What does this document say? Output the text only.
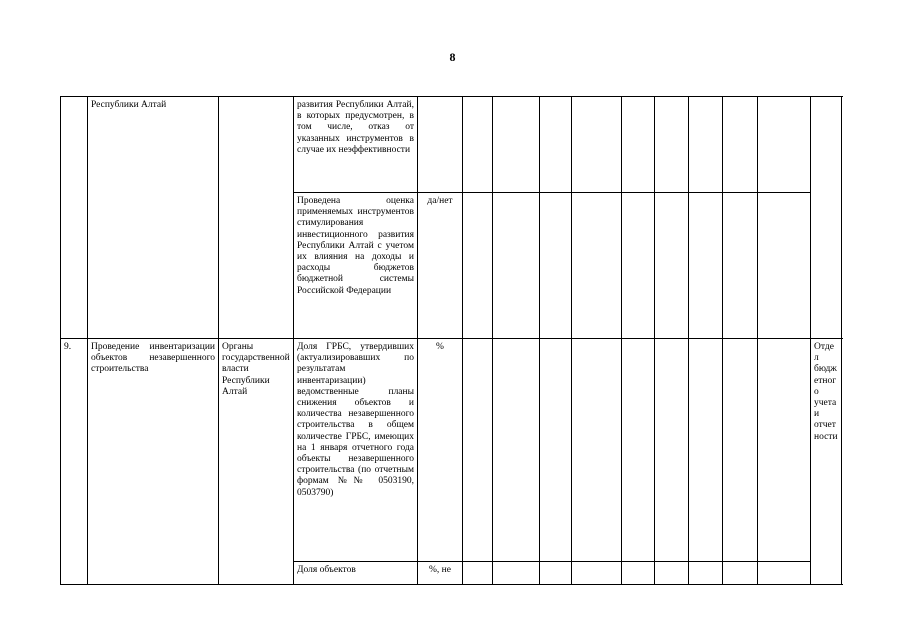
8
	Республики Алтай		развития Республики Алтай, в которых предусмотрен, в том числе, отказ от указанных инструментов в случае их неэффективности											
			Проведена оценка применяемых инструментов стимулирования инвестиционного развития Республики Алтай с учетом их влияния на доходы и расходы бюджетов бюджетной системы Российской Федерации	да/нет										
9.	Проведение инвентаризации объектов незавершенного строительства	Органы государственной власти Республики Алтай	Доля ГРБС, утвердивших (актуализировавших по результатам инвентаризации) ведомственные планы снижения объектов и количества незавершенного строительства в общем количестве ГРБС, имеющих на 1 января отчетного года объекты незавершенного строительства (по отчетным формам №№ 0503190, 0503790)	%										Отдел бюджетного учета и отчетности
			Доля объектов	%, не										
